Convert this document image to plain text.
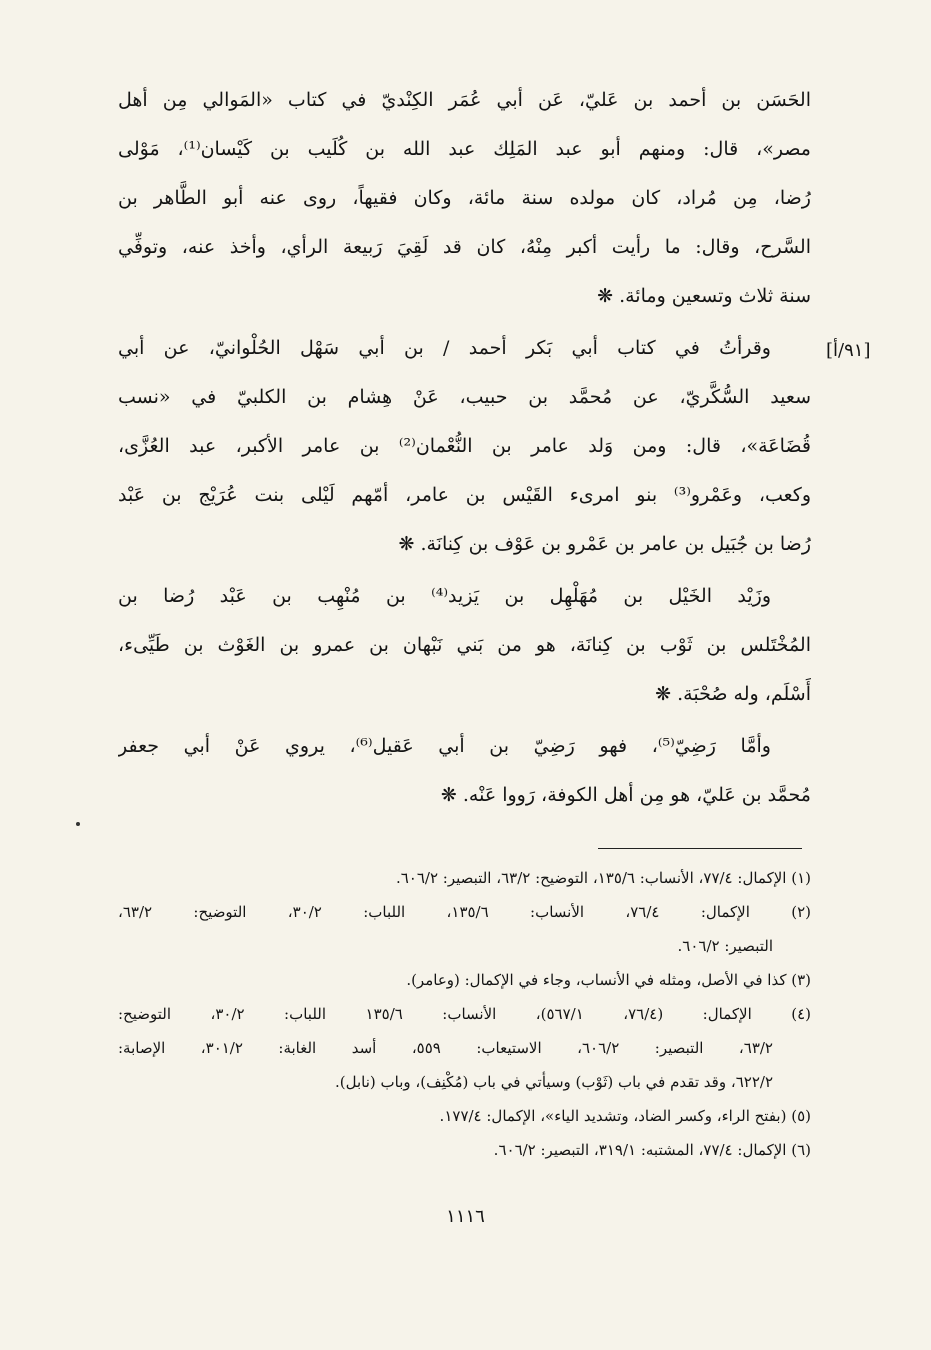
[٩١/أ]
الحَسَن بن أحمد بن عَليّ، عَن أبي عُمَر الكِنْديّ في كتاب «المَوالي مِن أهل
مصر»، قال: ومنهم أبو عبد المَلِك عبد الله بن كُلَيب بن كَيْسان⁽¹⁾، مَوْلى
رُضا، مِن مُراد، كان مولده سنة مائة، وكان فقيهاً، روى عنه أبو الطَّاهر بن
السَّرح، وقال: ما رأيت أكبر مِنْهُ، كان قد لَقِيَ رَبيعة الرأي، وأخذ عنه، وتوفِّي
سنة ثلاث وتسعين ومائة. ❋
وقرأتُ في كتاب أبي بَكر أحمد / بن أبي سَهْل الحُلْوانيّ، عن أبي
سعيد السُّكَّريّ، عن مُحمَّد بن حبيب، عَنْ هِشام بن الكلبيّ في «نسب
قُضَاعَة»، قال: ومن وَلد عامر بن النُّعْمان⁽²⁾ بن عامر الأكبر، عبد العُزَّى،
وكعب، وعَمْرو⁽³⁾ بنو امرىء القَيْس بن عامر، أمّهم لَيْلى بنت عُرَيْج بن عَبْد
رُضا بن جُبَيل بن عامر بن عَمْرو بن عَوْف بن كِنانَة. ❋
وزَيْد الخَيْل بن مُهَلْهِل بن يَزيد⁽⁴⁾ بن مُنْهِب بن عَبْد رُضا بن
المُخْتَلس بن ثَوْب بن كِنانَة، هو من بَني نَبْهان بن عمرو بن الغَوْث بن طَيِّىء،
أَسْلَم، وله صُحْبَة. ❋
وأمَّا رَضِيّ⁽⁵⁾، فهو رَضِيّ بن أبي عَقيل⁽⁶⁾، يروي عَنْ أبي جعفر
مُحمَّد بن عَليّ، هو مِن أهل الكوفة، رَووا عَنْه. ❋
(١) الإكمال: ٧٧/٤، الأنساب: ١٣٥/٦، التوضيح: ٦٣/٢، التبصير: ٦٠٦/٢.
(٢) الإكمال: ٧٦/٤، الأنساب: ١٣٥/٦، اللباب: ٣٠/٢، التوضيح: ٦٣/٢،
التبصير: ٦٠٦/٢.
(٣) كذا في الأصل، ومثله في الأنساب، وجاء في الإكمال: (وعامر).
(٤) الإكمال: (٧٦/٤، ٥٦٧/١)، الأنساب: ١٣٥/٦ اللباب: ٣٠/٢، التوضيح:
٦٣/٢، التبصير: ٦٠٦/٢، الاستيعاب: ٥٥٩، أسد الغابة: ٣٠١/٢، الإصابة:
٦٢٢/٢، وقد تقدم في باب (ثَوْب) وسيأتي في باب (مُكْنِف)، وباب (نابل).
(٥) (بفتح الراء، وكسر الضاد، وتشديد الياء»، الإكمال: ١٧٧/٤.
(٦) الإكمال: ٧٧/٤، المشتبه: ٣١٩/١، التبصير: ٦٠٦/٢.
١١١٦
